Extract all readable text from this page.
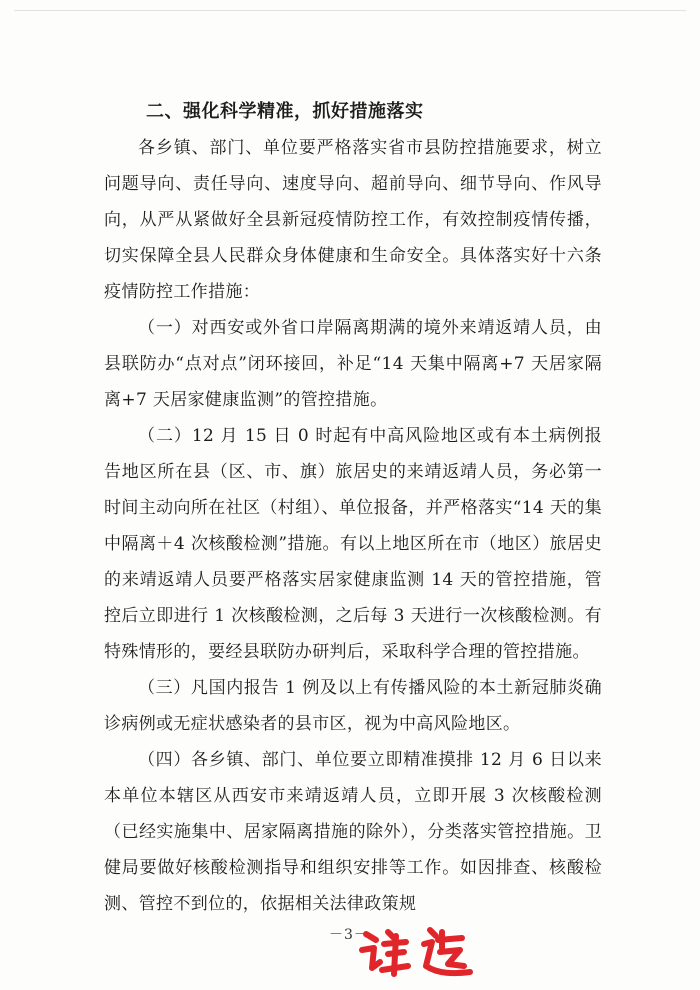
二、强化科学精准，抓好措施落实

各乡镇、部门、单位要严格落实省市县防控措施要求，树立问题导向、责任导向、速度导向、超前导向、细节导向、作风导向，从严从紧做好全县新冠疫情防控工作，有效控制疫情传播，切实保障全县人民群众身体健康和生命安全。具体落实好十六条疫情防控工作措施：

（一）对西安或外省口岸隔离期满的境外来靖返靖人员，由县联防办“点对点”闭环接回，补足“14 天集中隔离+7 天居家隔离+7 天居家健康监测”的管控措施。

（二）12 月 15 日 0 时起有中高风险地区或有本土病例报告地区所在县（区、市、旗）旅居史的来靖返靖人员，务必第一时间主动向所在社区（村组）、单位报备，并严格落实“14 天的集中隔离＋4 次核酸检测”措施。有以上地区所在市（地区）旅居史的来靖返靖人员要严格落实居家健康监测 14 天的管控措施，管控后立即进行 1 次核酸检测，之后每 3 天进行一次核酸检测。有特殊情形的，要经县联防办研判后，采取科学合理的管控措施。

（三）凡国内报告 1 例及以上有传播风险的本土新冠肺炎确诊病例或无症状感染者的县市区，视为中高风险地区。

（四）各乡镇、部门、单位要立即精准摸排 12 月 6 日以来本单位本辖区从西安市来靖返靖人员，立即开展 3 次核酸检测（已经实施集中、居家隔离措施的除外），分类落实管控措施。卫健局要做好核酸检测指导和组织安排等工作。如因排查、核酸检测、管控不到位的，依据相关法律政策规

－3－
